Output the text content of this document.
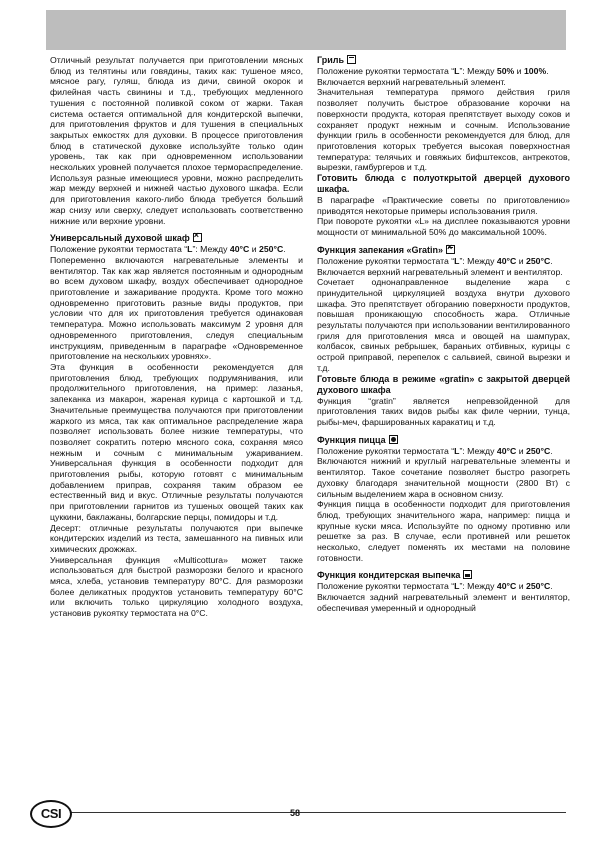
Отличный результат получается при приготовлении мясных блюд из телятины или говядины, таких как: тушеное мясо, мясное рагу, гуляш, блюда из дичи, свиной окорок и филейная часть свинины и т.д., требующих медленного тушения с постоянной поливкой соком от жарки. Такая система остается оптимальной для кондитерской выпечки, для приготовления фруктов и для тушения в специальных закрытых емкостях для духовки. В процессе приготовления блюд в статической духовке используйте только один уровень, так как при одновременном использовании нескольких уровней получается плохое терморaспределение. Используя разные имеющиеся уровни, можно распределить жар между верхней и нижней частью духового шкафа. Если для приготовления какого-либо блюда требуется больший жар снизу или сверху, следует использовать соответственно нижние или верхние уровни.

Универсальный духовой шкаф×

Положение рукоятки термостата “L”: Между 40°C и 250°C.

Попеременно включаются нагревательные элементы и вентилятор. Так как жар является постоянным и однородным во всем духовом шкафу, воздух обеспечивает однородное приготовление и зажаривание продукта. Кроме того можно одновременно приготовить разные виды продуктов, при условии что для их приготовления требуется одинаковая температура. Можно использовать максимум 2 уровня для одновременного приготовления, следуя специальным инструкциям, приведенным в параграфе «Одновременное приготовление на нескольких уровнях».

Эта функция в особенности рекомендуется для приготовления блюд, требующих подрумянивания, или продолжительного приготовления, на пример: лазанья, запеканка из макарон, жареная курица с картошкой и т.д. Значительные преимущества получаются при приготовлении жаркого из мяса, так как оптимальное распределение жара позволяет использовать более низкие температуры, что позволяет сократить потерю мясного сока, сохраняя мясо нежным и сочным с минимальным ужариванием. Универсальная функция в особенности подходит для приготовления рыбы, которую готовят с минимальным добавлением приправ, сохраняя таким образом ее естественный вид и вкус. Отличные результаты получаются при приготовлении гарнитов из тушеных овощей таких как цуккини, баклажаны, болгарские перцы, помидоры и т.д.

Десерт: отличные результаты получаются при выпечке кондитерских изделий из теста, замешанного на пивных или химических дрожжах.

Универсальная функция «Multicottura» может также использоваться для быстрой разморозки белого и красного мяса, хлеба, установив температуру 80°C. Для разморозки более деликатных продуктов установить температуру 60°C или включить только циркуляцию холодного воздуха, установив рукоятку термостата на 0°C.

Гриль

Положение рукоятки термостата “L”: Между 50% и 100%.

Включается верхний нагревательный элемент.

Значительная температура прямого действия гриля позволяет получить быстрое образование корочки на поверхности продукта, которая препятствует выходу соков и сохраняет продукт нежным и сочным. Использование функции гриль в особенности рекомендуется для блюд, для приготовления которых требуется высокая поверхностная температура: телячьих и говяжьих бифштексов, антрекотов, вырезки, гамбургеров и т.д.

Готовить блюда с полуоткрытой дверцей духового шкафа.

В параграфе «Практические советы по приготовлению» приводятся некоторые примеры использования гриля.

При повороте рукоятки «L» на дисплее показываются уровни мощности от минимальной 50% до максимальной 100%.

Функция запекания «Gratin»×

Положение рукоятки термостата “L”: Между 40°C и 250°C.

Включается верхний нагревательный элемент и вентилятор.

Сочетает однонаправленное выделение жара с принудительной циркуляцией воздуха внутри духового шкафа. Это препятствует обгоранию поверхности продуктов, повышая проникающую способность жара. Отличные результаты получаются при использовании вентилированного гриля для приготовления мяса и овощей на шампурах, колбасок, свиных ребрышек, бараньих отбивных, курицы с острой приправой, перепелок с сальвией, свиной вырезки и т.д.

Готовьте блюда в режиме «gratin» с закрытой дверцей духового шкафа

Функция “gratin” является непревзойденной для приготовления таких видов рыбы как филе чернии, тунца, рыбы-меч, фаршированных каракатиц и т.д.

Функция пицца

Положение рукоятки термостата “L”: Между 40°C и 250°C.

Включаются нижний и круглый нагревательные элементы и вентилятор. Такое сочетание позволяет быстро разогреть духовку благодаря значительной мощности (2800 Вт) с сильным выделением жара в основном снизу.

Функция пицца в особенности подходит для приготовления блюд, требующих значительного жара, например: пицца и крупные куски мяса. Используйте по одному противню или решетке за раз. В случае, если противней или решеток несколько, следует поменять их местами на половине готовности.

Функция кондитерская выпечка

Положение рукоятки термостата “L”: Между 40°C и 250°C.

Включается задний нагревательный элемент и вентилятор, обеспечивая умеренный и однородный

CSI	58
